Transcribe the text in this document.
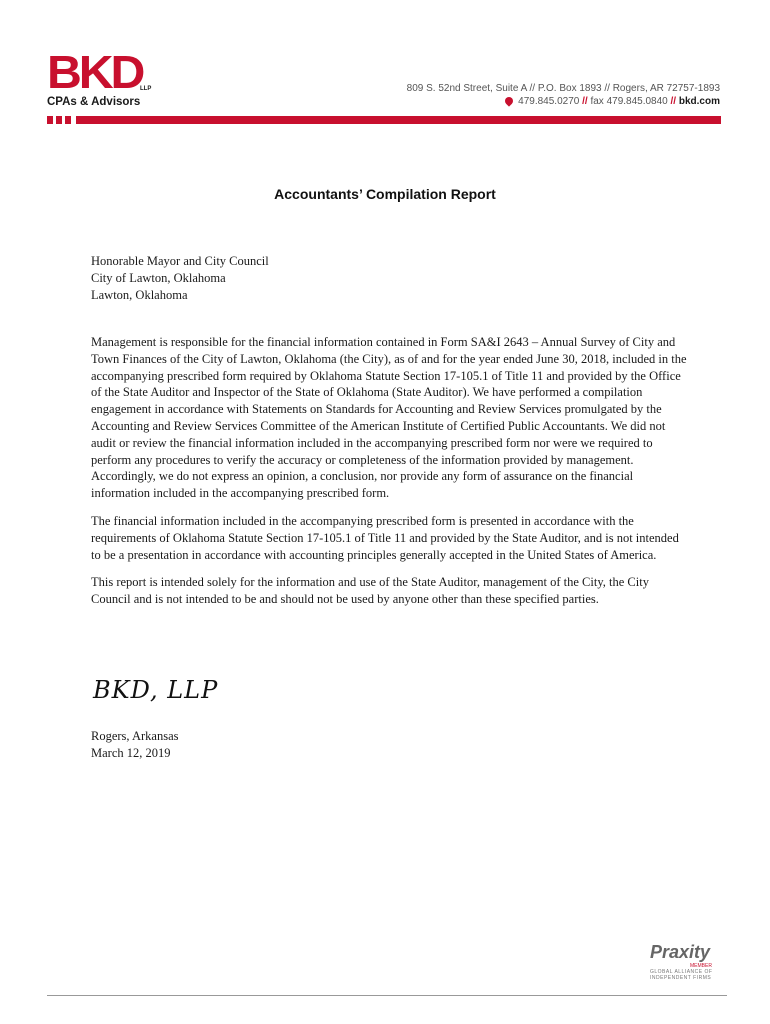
BKD
LLP
CPAs & Advisors
809 S. 52nd Street, Suite A // P.O. Box 1893 // Rogers, AR 72757-1893
479.845.0270 // fax 479.845.0840 // bkd.com
Accountants’ Compilation Report
Honorable Mayor and City Council
City of Lawton, Oklahoma
Lawton, Oklahoma

Management is responsible for the financial information contained in Form SA&I 2643 – Annual Survey of City and Town Finances of the City of Lawton, Oklahoma (the City), as of and for the year ended June 30, 2018, included in the accompanying prescribed form required by Oklahoma Statute Section 17-105.1 of Title 11 and provided by the Office of the State Auditor and Inspector of the State of Oklahoma (State Auditor). We have performed a compilation engagement in accordance with Statements on Standards for Accounting and Review Services promulgated by the Accounting and Review Services Committee of the American Institute of Certified Public Accountants. We did not audit or review the financial information included in the accompanying prescribed form nor were we required to perform any procedures to verify the accuracy or completeness of the information provided by management. Accordingly, we do not express an opinion, a conclusion, nor provide any form of assurance on the financial information included in the accompanying prescribed form.

The financial information included in the accompanying prescribed form is presented in accordance with the requirements of Oklahoma Statute Section 17-105.1 of Title 11 and provided by the State Auditor, and is not intended to be a presentation in accordance with accounting principles generally accepted in the United States of America.

This report is intended solely for the information and use of the State Auditor, management of the City, the City Council and is not intended to be and should not be used by anyone other than these specified parties.

BKD, LLP
Rogers, Arkansas
March 12, 2019
Praxity
MEMBER
GLOBAL ALLIANCE OF
INDEPENDENT FIRMS
